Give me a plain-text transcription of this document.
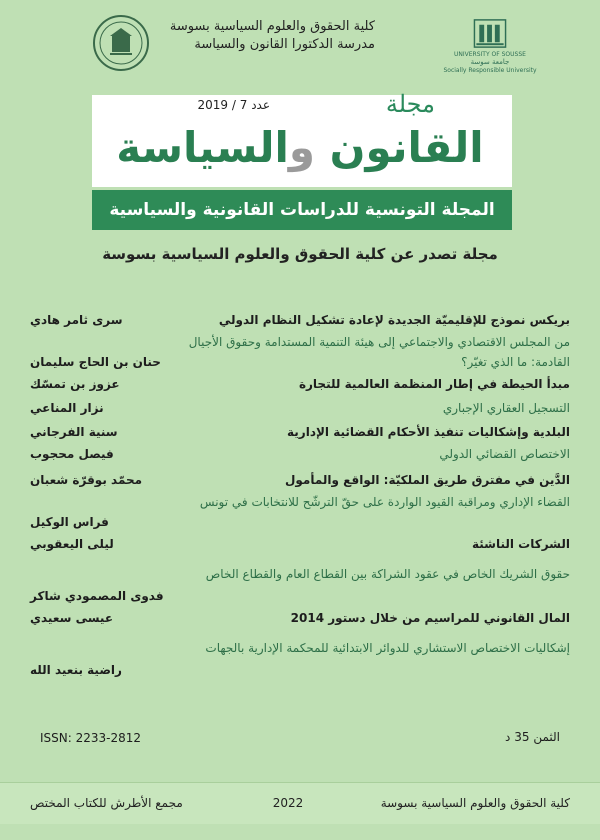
UNIVERSITY OF SOUSSE
جامعة سوسة
Socially Responsible University
كلية الحقوق والعلوم السياسية بسوسة
مدرسة الدكتورا القانون والسياسة
مجلة
عدد 7 / 2019
القانون والسياسة
المجلة التونسية للدراسات القانونية والسياسية
مجلة تصدر عن كلية الحقوق والعلوم السياسية بسوسة
بريكس نموذج للإقليميّة الجديدة لإعادة تشكيل النظام الدولي
سرى ثامر هادي
من المجلس الاقتصادي والاجتماعي إلى هيئة التنمية المستدامة وحقوق الأجيال
القادمة: ما الذي تغيّر؟
حنان بن الحاج سليمان
مبدأ الحيطة في إطار المنظمة العالمية للتجارة
عزوز بن تمسّك
التسجيل العقاري الإجباري
نزار المناعي
البلدية وإشكاليات تنفيذ الأحكام القضائية الإدارية
سنية الفرجاني
الاختصاص القضائي الدولي
فيصل محجوب
الدَّين في مفترق طريق الملكيّة: الواقع والمأمول
محمّد بوقرّة شعبان
القضاء الإداري ومراقبة القيود الواردة على حقّ الترشّح للانتخابات في تونس
فراس الوكيل
الشركات الناشئة
ليلى اليعقوبي
حقوق الشريك الخاص في عقود الشراكة بين القطاع العام والقطاع الخاص
فدوى المصمودي شاكر
المال القانوني للمراسيم من خلال دستور 2014
عيسى سعيدي
إشكاليات الاختصاص الاستشاري للدوائر الابتدائية للمحكمة الإدارية بالجهات
راضية بنعيد الله
الثمن 35 د
ISSN: 2233-2812
كلية الحقوق والعلوم السياسية بسوسة
2022
مجمع الأطرش للكتاب المختص
